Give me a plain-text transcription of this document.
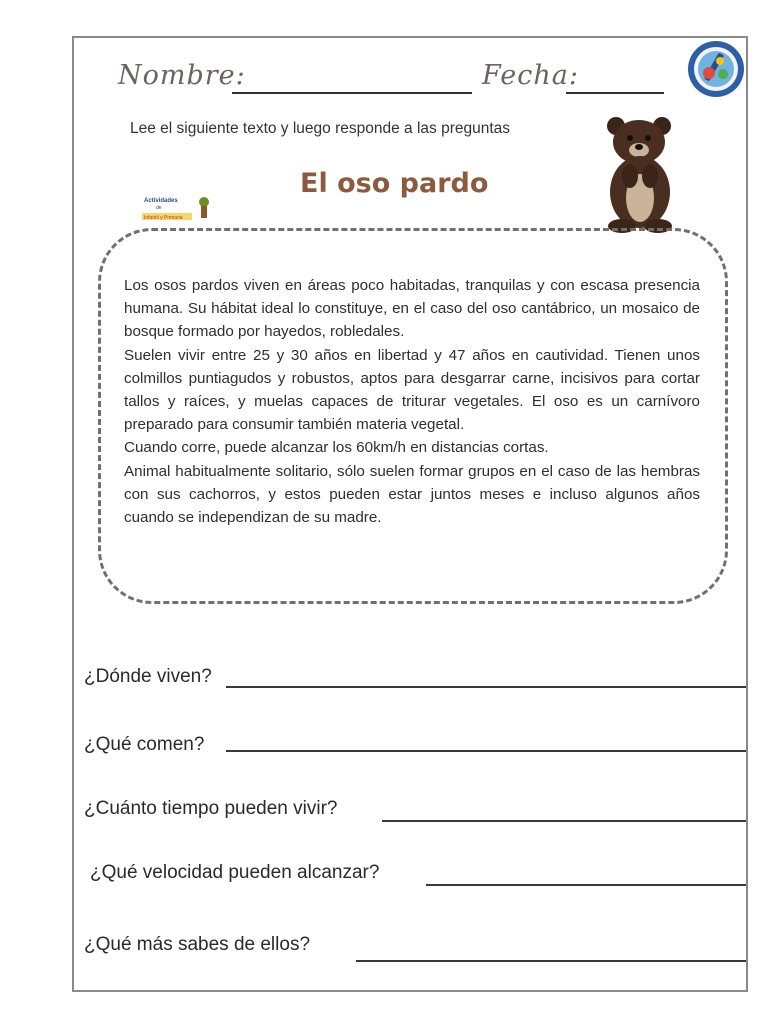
Nombre:	Fecha:
Lee el siguiente texto y luego responde a las preguntas
El oso pardo
Actividades
de
Infantil y Primaria

Los osos pardos viven en áreas poco habitadas, tranquilas y con escasa presencia humana. Su hábitat ideal lo constituye, en el caso del oso cantábrico, un mosaico de bosque formado por hayedos, robledales.

Suelen vivir entre 25 y 30 años en libertad y 47 años en cautividad. Tienen unos colmillos puntiagudos y robustos, aptos para desgarrar carne, incisivos para cortar tallos y raíces, y muelas capaces de triturar vegetales. El oso es un carnívoro preparado para consumir también materia vegetal.

Cuando corre, puede alcanzar los 60km/h en distancias cortas.

Animal habitualmente solitario, sólo suelen formar grupos en el caso de las hembras con sus cachorros, y estos pueden estar juntos meses e incluso algunos años cuando se independizan de su madre.

¿Dónde viven?
¿Qué comen?
¿Cuánto tiempo pueden vivir?
¿Qué velocidad pueden alcanzar?
¿Qué más sabes de ellos?
